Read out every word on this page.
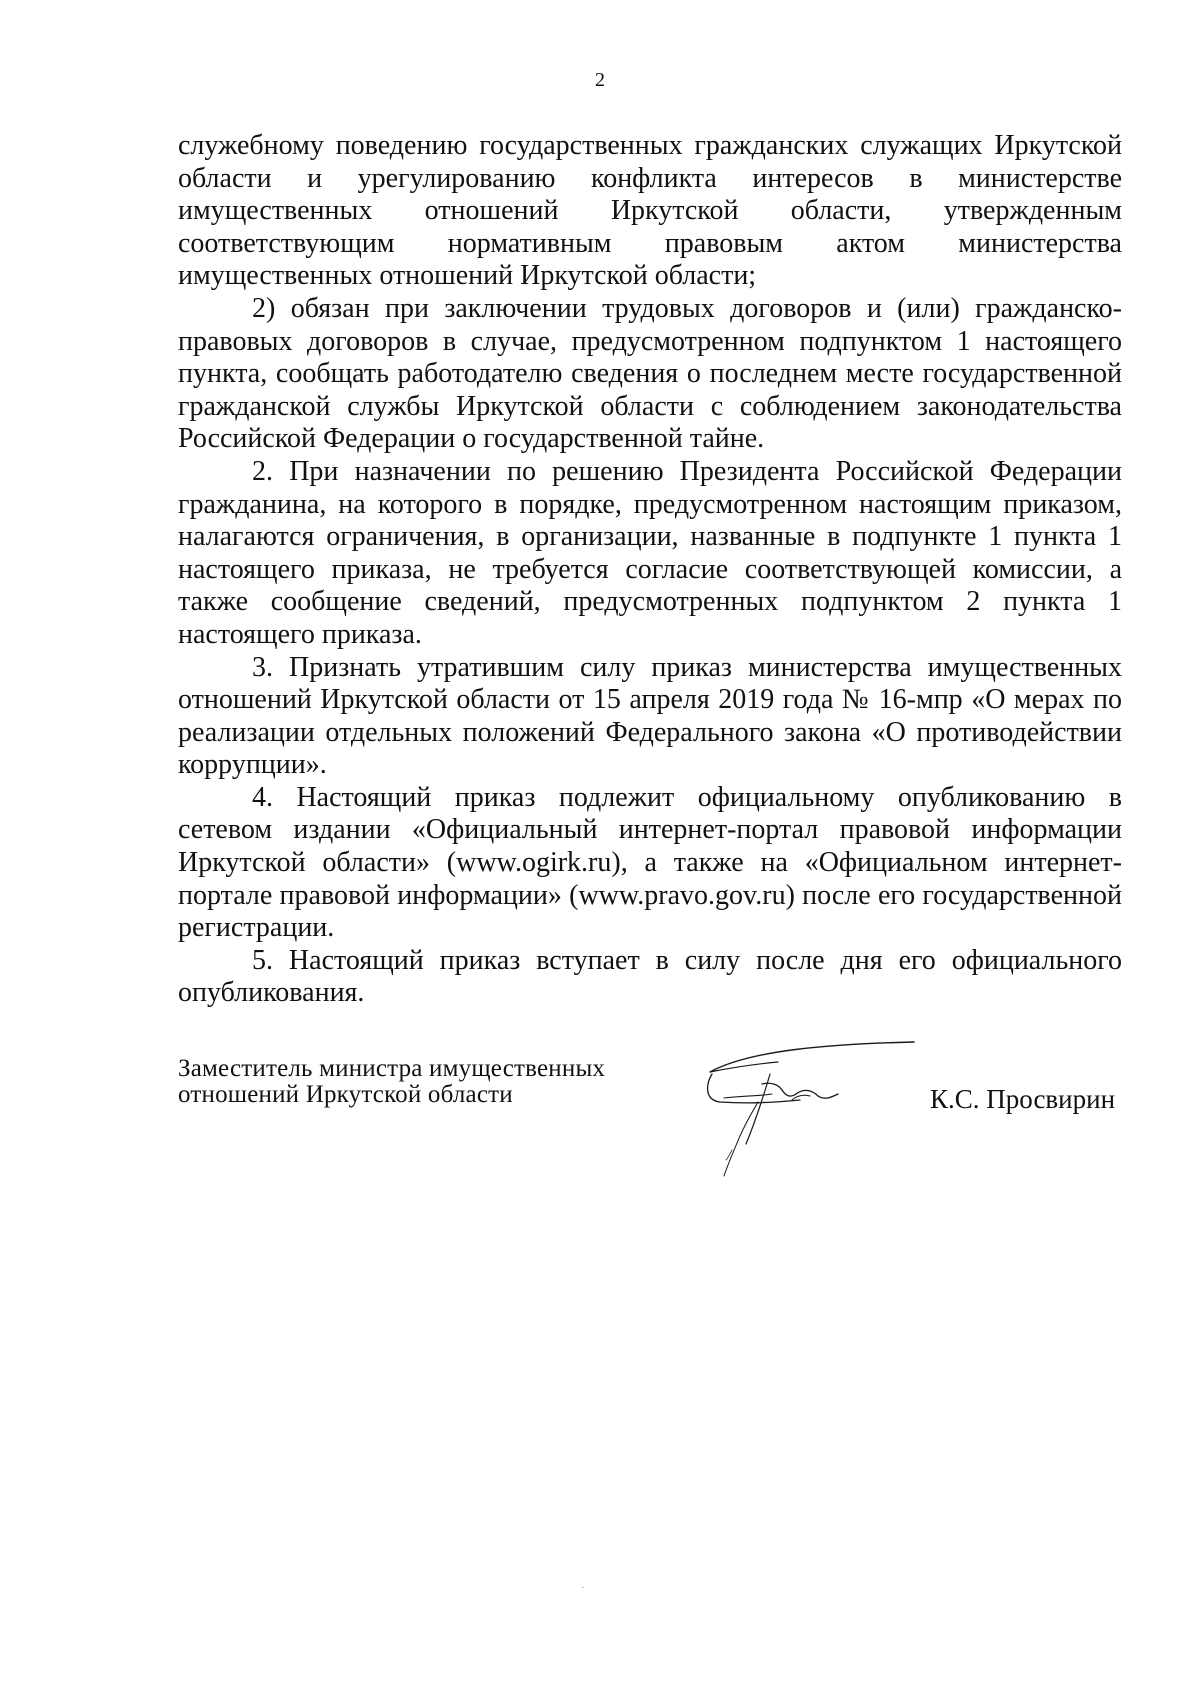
2

служебному поведению государственных гражданских служащих Иркутской области и урегулированию конфликта интересов в министерстве имущественных отношений Иркутской области, утвержденным соответствующим нормативным правовым актом министерства имущественных отношений Иркутской области;

2) обязан при заключении трудовых договоров и (или) гражданско-правовых договоров в случае, предусмотренном подпунктом 1 настоящего пункта, сообщать работодателю сведения о последнем месте государственной гражданской службы Иркутской области с соблюдением законодательства Российской Федерации о государственной тайне.

2. При назначении по решению Президента Российской Федерации гражданина, на которого в порядке, предусмотренном настоящим приказом, налагаются ограничения, в организации, названные в подпункте 1 пункта 1 настоящего приказа, не требуется согласие соответствующей комиссии, а также сообщение сведений, предусмотренных подпунктом 2 пункта 1 настоящего приказа.

3. Признать утратившим силу приказ министерства имущественных отношений Иркутской области от 15 апреля 2019 года № 16-мпр «О мерах по реализации отдельных положений Федерального закона «О противодействии коррупции».

4. Настоящий приказ подлежит официальному опубликованию в сетевом издании «Официальный интернет-портал правовой информации Иркутской области» (www.ogirk.ru), а также на «Официальном интернет-портале правовой информации» (www.pravo.gov.ru) после его государственной регистрации.

5. Настоящий приказ вступает в силу после дня его официального опубликования.

Заместитель министра имущественных
отношений Иркутской области	К.С. Просвирин
